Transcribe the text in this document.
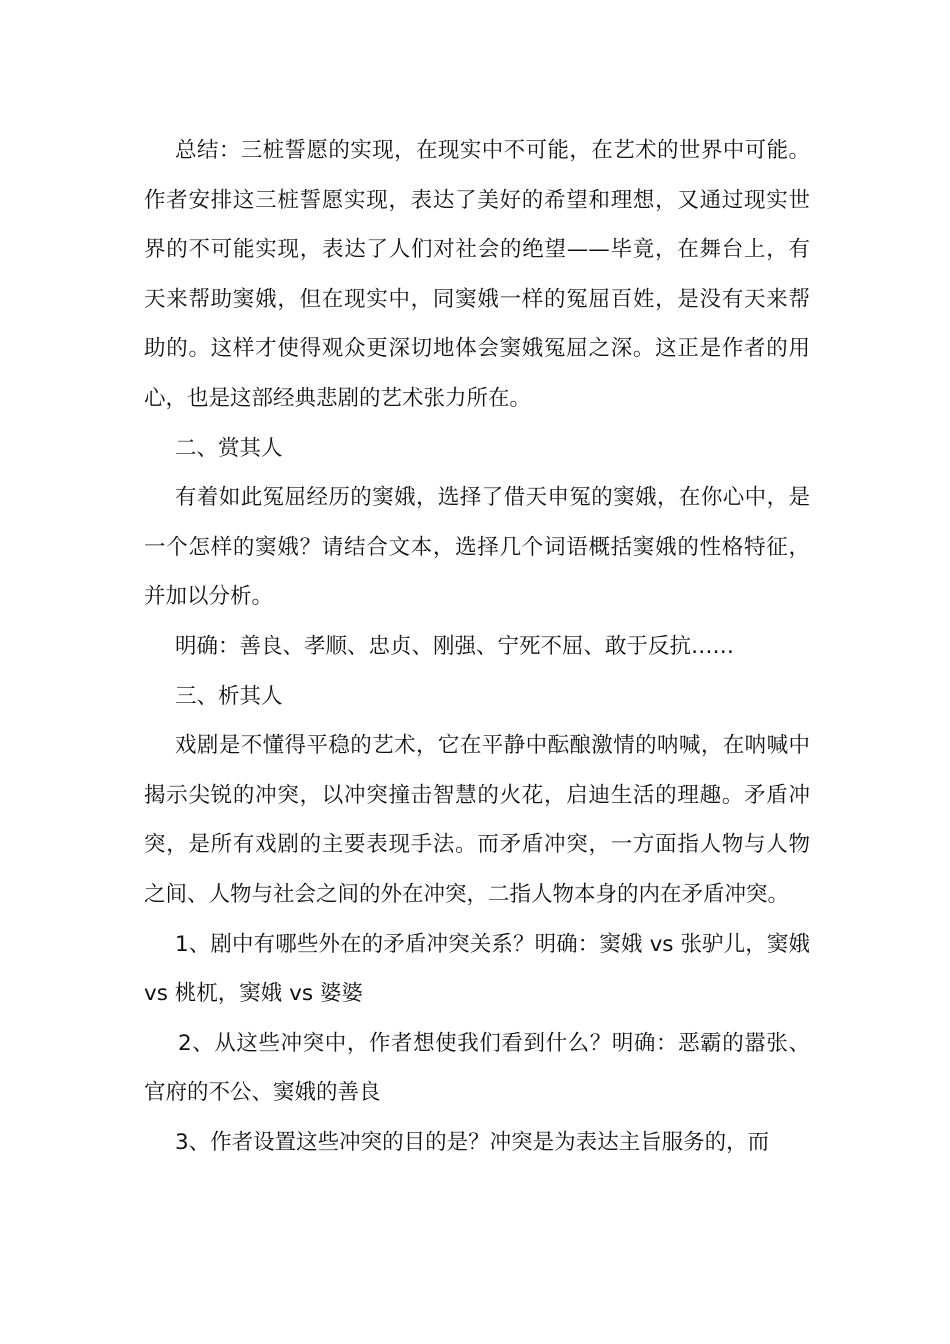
总结：三桩誓愿的实现，在现实中不可能，在艺术的世界中可能。作者安排这三桩誓愿实现，表达了美好的希望和理想，又通过现实世界的不可能实现，表达了人们对社会的绝望——毕竟，在舞台上，有天来帮助窦娥，但在现实中，同窦娥一样的冤屈百姓，是没有天来帮助的。这样才使得观众更深切地体会窦娥冤屈之深。这正是作者的用心，也是这部经典悲剧的艺术张力所在。

二、赏其人

有着如此冤屈经历的窦娥，选择了借天申冤的窦娥，在你心中，是一个怎样的窦娥？请结合文本，选择几个词语概括窦娥的性格特征，并加以分析。

明确：善良、孝顺、忠贞、刚强、宁死不屈、敢于反抗……

三、析其人

戏剧是不懂得平稳的艺术，它在平静中酝酿激情的呐喊，在呐喊中揭示尖锐的冲突，以冲突撞击智慧的火花，启迪生活的理趣。矛盾冲突，是所有戏剧的主要表现手法。而矛盾冲突，一方面指人物与人物之间、人物与社会之间的外在冲突，二指人物本身的内在矛盾冲突。

1、剧中有哪些外在的矛盾冲突关系？明确：窦娥 vs 张驴儿，窦娥 vs 桃杌，窦娥 vs 婆婆

2、从这些冲突中，作者想使我们看到什么？明确：恶霸的嚣张、官府的不公、窦娥的善良

3、作者设置这些冲突的目的是？冲突是为表达主旨服务的，而
